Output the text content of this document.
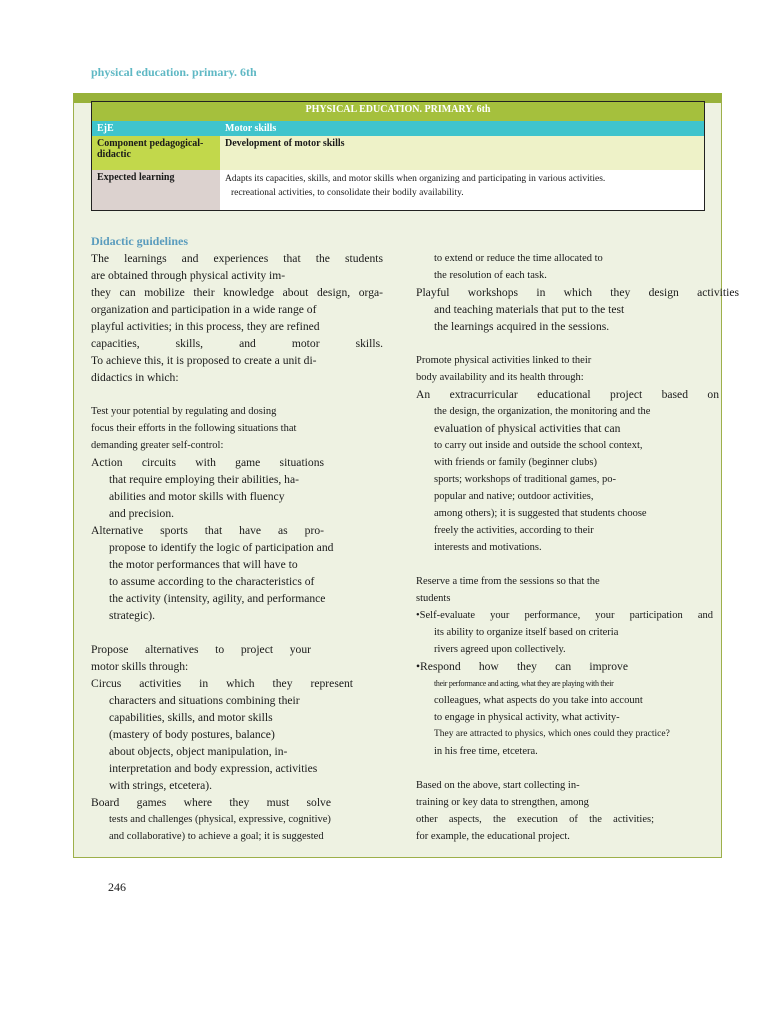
physical education. primary. 6th
PHYSICAL EDUCATION. PRIMARY. 6th	
EjE	Motor skills
Component pedagogical-didactic	Development of motor skills
Expected learning	Adapts its capacities, skills, and motor skills when organizing and participating in various activities.
recreational activities, to consolidate their bodily availability.

Didactic guidelines

The learnings and experiences that the students

are obtained through physical activity im-

they can mobilize their knowledge about design, orga-

organization and participation in a wide range of

playful activities; in this process, they are refined

capacities, skills, and motor skills.

To achieve this, it is proposed to create a unit di-

didactics in which:

Test your potential by regulating and dosing

focus their efforts in the following situations that

demanding greater self-control:

Action circuits with game situations

that require employing their abilities, ha-

abilities and motor skills with fluency

and precision.

Alternative sports that have as pro-

propose to identify the logic of participation and

the motor performances that will have to

to assume according to the characteristics of

the activity (intensity, agility, and performance

strategic).

Propose alternatives to project your

motor skills through:

Circus activities in which they represent

characters and situations combining their

capabilities, skills, and motor skills

(mastery of body postures, balance)

about objects, object manipulation, in-

interpretation and body expression, activities

with strings, etcetera).

Board games where they must solve

tests and challenges (physical, expressive, cognitive)

and collaborative) to achieve a goal; it is suggested

to extend or reduce the time allocated to

the resolution of each task.

Playful workshops in which they design activities

and teaching materials that put to the test

the learnings acquired in the sessions.

Promote physical activities linked to their

body availability and its health through:

An extracurricular educational project based on

the design, the organization, the monitoring and the

evaluation of physical activities that can

to carry out inside and outside the school context,

with friends or family (beginner clubs)

sports; workshops of traditional games, po-

popular and native; outdoor activities,

among others); it is suggested that students choose

freely the activities, according to their

interests and motivations.

Reserve a time from the sessions so that the

students

•Self-evaluate your performance, your participation and

its ability to organize itself based on criteria

rivers agreed upon collectively.

•Respond how they can improve

their performance and acting, what they are playing with their

colleagues, what aspects do you take into account

to engage in physical activity, what activity-

They are attracted to physics, which ones could they practice?

in his free time, etcetera.

Based on the above, start collecting in-

training or key data to strengthen, among

other aspects, the execution of the activities;

for example, the educational project.

246
